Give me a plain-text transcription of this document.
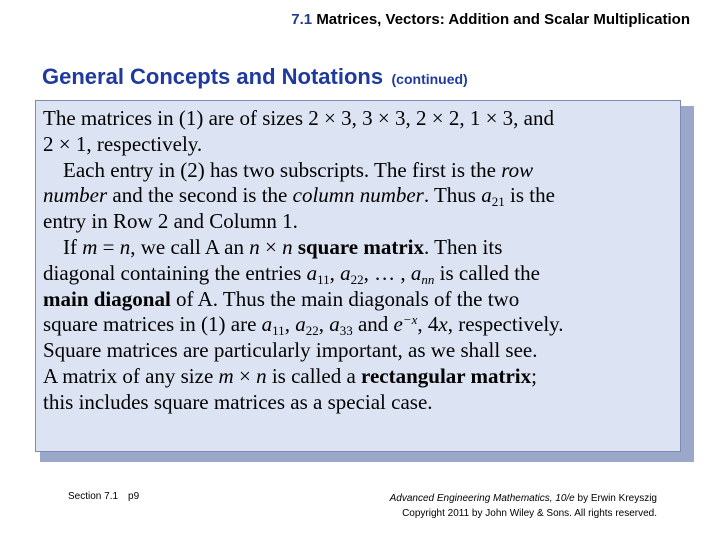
7.1 Matrices, Vectors: Addition and Scalar Multiplication
General Concepts and Notations (continued)

The matrices in (1) are of sizes 2 × 3, 3 × 3, 2 × 2, 1 × 3, and

2 × 1, respectively.

Each entry in (2) has two subscripts. The first is the row

number and the second is the column number. Thus $a_{21}$ is the

entry in Row 2 and Column 1.

If m = n, we call A an n × n square matrix. Then its

diagonal containing the entries $a_{11}$, $a_{22}$, … , $a_{nn}$ is called the

main diagonal of A. Thus the main diagonals of the two

square matrices in (1) are $a_{11}$, $a_{22}$, $a_{33}$ and $e^{-x}$, 4x, respectively.

Square matrices are particularly important, as we shall see.

A matrix of any size m × n is called a rectangular matrix;

this includes square matrices as a special case.

Section 7.1 p9	Advanced Engineering Mathematics, 10/e by Erwin Kreyszig
Copyright 2011 by John Wiley & Sons. All rights reserved.
